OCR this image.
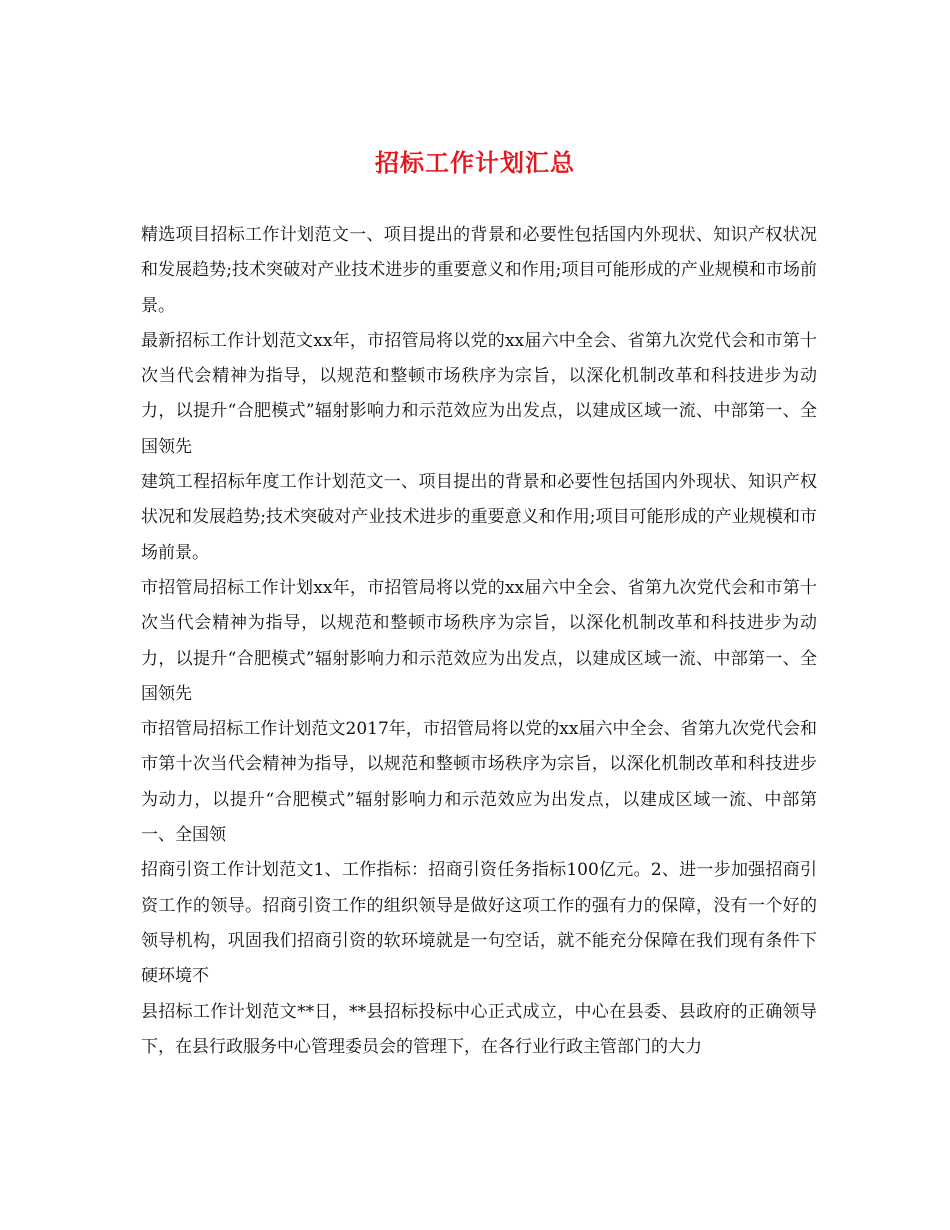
招标工作计划汇总

精选项目招标工作计划范文一、项目提出的背景和必要性包括国内外现状、知识产权状况和发展趋势;技术突破对产业技术进步的重要意义和作用;项目可能形成的产业规模和市场前景。

最新招标工作计划范文xx年，市招管局将以党的xx届六中全会、省第九次党代会和市第十次当代会精神为指导，以规范和整顿市场秩序为宗旨，以深化机制改革和科技进步为动力，以提升“合肥模式”辐射影响力和示范效应为出发点，以建成区域一流、中部第一、全国领先

建筑工程招标年度工作计划范文一、项目提出的背景和必要性包括国内外现状、知识产权状况和发展趋势;技术突破对产业技术进步的重要意义和作用;项目可能形成的产业规模和市场前景。

市招管局招标工作计划xx年，市招管局将以党的xx届六中全会、省第九次党代会和市第十次当代会精神为指导，以规范和整顿市场秩序为宗旨，以深化机制改革和科技进步为动力，以提升“合肥模式”辐射影响力和示范效应为出发点，以建成区域一流、中部第一、全国领先

市招管局招标工作计划范文2017年，市招管局将以党的xx届六中全会、省第九次党代会和市第十次当代会精神为指导，以规范和整顿市场秩序为宗旨，以深化机制改革和科技进步为动力，以提升“合肥模式”辐射影响力和示范效应为出发点，以建成区域一流、中部第一、全国领

招商引资工作计划范文1、工作指标：招商引资任务指标100亿元。2、进一步加强招商引资工作的领导。招商引资工作的组织领导是做好这项工作的强有力的保障，没有一个好的领导机构，巩固我们招商引资的软环境就是一句空话，就不能充分保障在我们现有条件下硬环境不

县招标工作计划范文**日，**县招标投标中心正式成立，中心在县委、县政府的正确领导下，在县行政服务中心管理委员会的管理下，在各行业行政主管部门的大力
